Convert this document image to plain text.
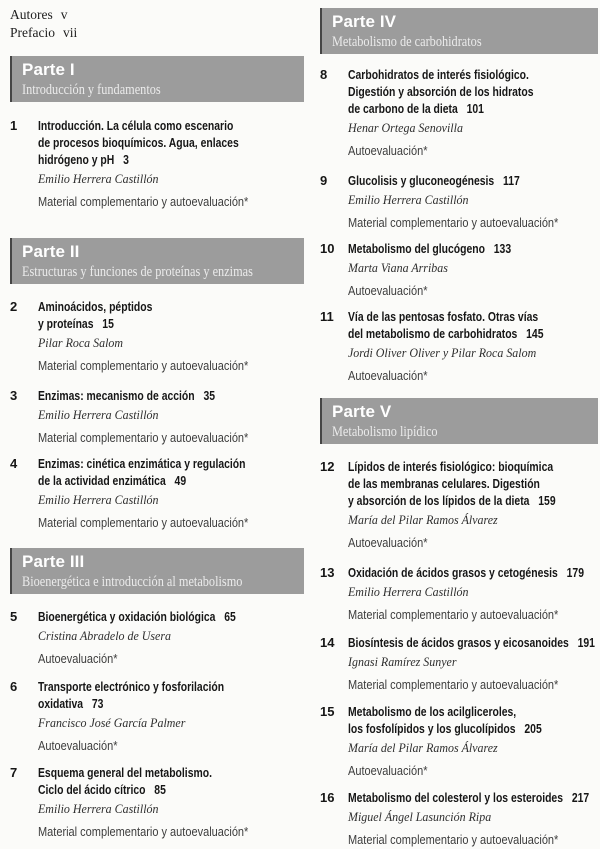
Autores v
Prefacio vii
Parte I
Introducción y fundamentos
1	Introducción. La célula como escenario
de procesos bioquímicos. Agua, enlaces
hidrógeno y pH 3
Emilio Herrera Castillón
Material complementario y autoevaluación*
Parte II
Estructuras y funciones de proteínas y enzimas
2	Aminoácidos, péptidos
y proteínas 15
Pilar Roca Salom
Material complementario y autoevaluación*
3	Enzimas: mecanismo de acción 35
Emilio Herrera Castillón
Material complementario y autoevaluación*
4	Enzimas: cinética enzimática y regulación
de la actividad enzimática 49
Emilio Herrera Castillón
Material complementario y autoevaluación*
Parte III
Bioenergética e introducción al metabolismo
5	Bioenergética y oxidación biológica 65
Cristina Abradelo de Usera
Autoevaluación*
6	Transporte electrónico y fosforilación
oxidativa 73
Francisco José García Palmer
Autoevaluación*
7	Esquema general del metabolismo.
Ciclo del ácido cítrico 85
Emilio Herrera Castillón
Material complementario y autoevaluación*
Parte IV
Metabolismo de carbohidratos
8	Carbohidratos de interés fisiológico.
Digestión y absorción de los hidratos
de carbono de la dieta 101
Henar Ortega Senovilla
Autoevaluación*
9	Glucolisis y gluconeogénesis 117
Emilio Herrera Castillón
Material complementario y autoevaluación*
10	Metabolismo del glucógeno 133
Marta Viana Arribas
Autoevaluación*
11	Vía de las pentosas fosfato. Otras vías
del metabolismo de carbohidratos 145
Jordi Oliver Oliver y Pilar Roca Salom
Autoevaluación*
Parte V
Metabolismo lipídico
12	Lípidos de interés fisiológico: bioquímica
de las membranas celulares. Digestión
y absorción de los lípidos de la dieta 159
María del Pilar Ramos Álvarez
Autoevaluación*
13	Oxidación de ácidos grasos y cetogénesis 179
Emilio Herrera Castillón
Material complementario y autoevaluación*
14	Biosíntesis de ácidos grasos y eicosanoides 191
Ignasi Ramírez Sunyer
Material complementario y autoevaluación*
15	Metabolismo de los acilgliceroles,
los fosfolípidos y los glucolípidos 205
María del Pilar Ramos Álvarez
Autoevaluación*
16	Metabolismo del colesterol y los esteroides 217
Miguel Ángel Lasunción Ripa
Material complementario y autoevaluación*
